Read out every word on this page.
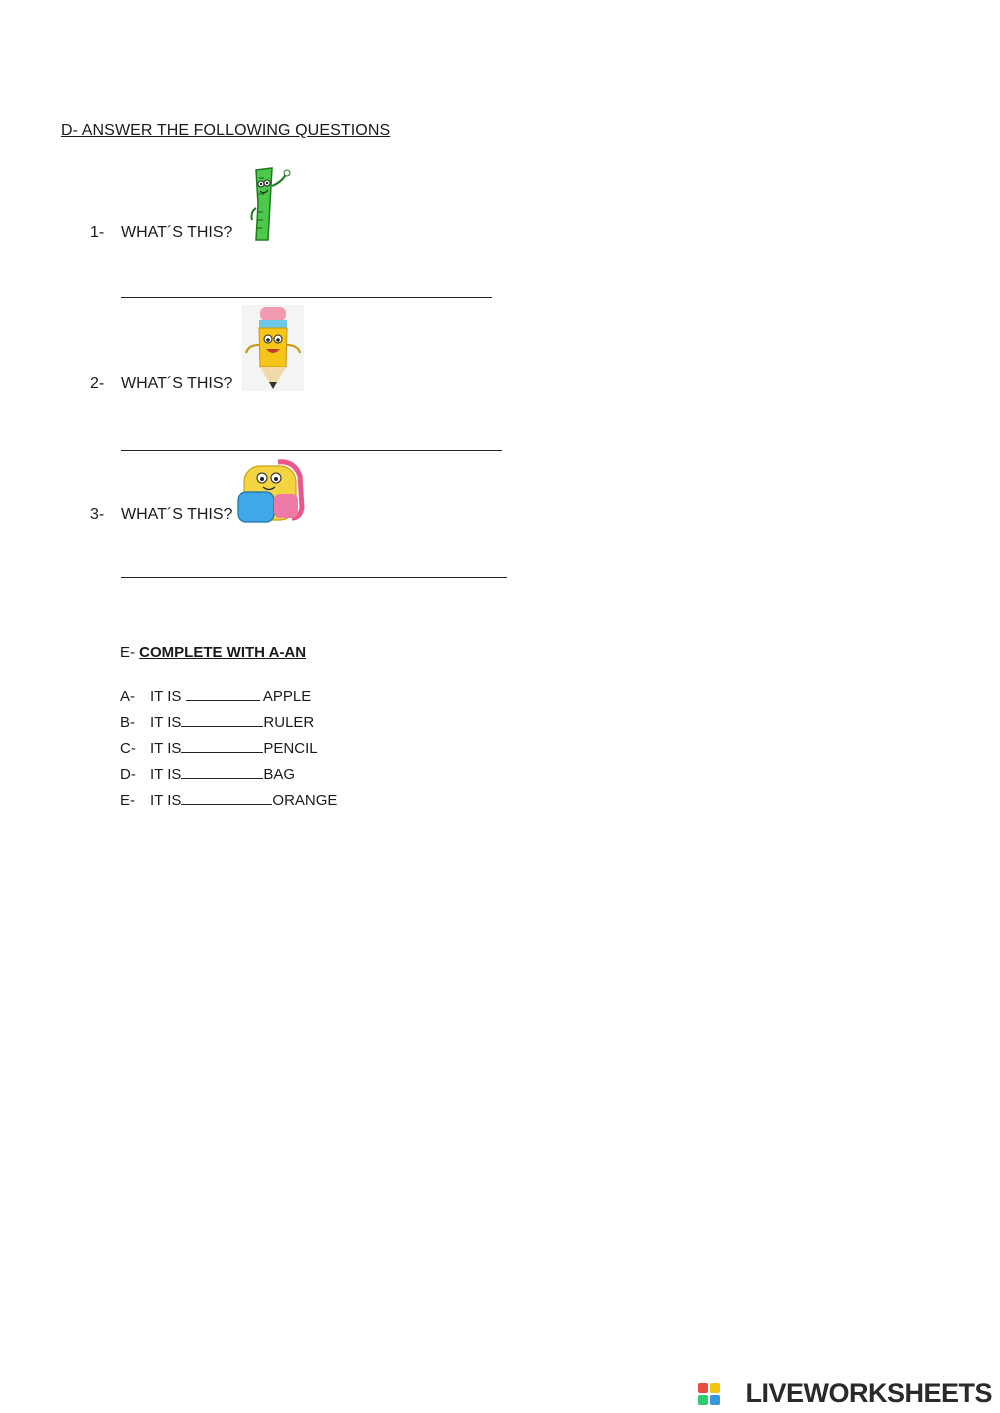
D- ANSWER THE FOLLOWING QUESTIONS
1- WHAT´S THIS?
2- WHAT´S THIS?
3- WHAT´S THIS?
E- COMPLETE WITH A-AN
A- IT IS	APPLE
B- IT IS	RULER
C- IT IS	PENCIL
D- IT IS	BAG
E- IT IS	ORANGE
LIVEWORKSHEETS
